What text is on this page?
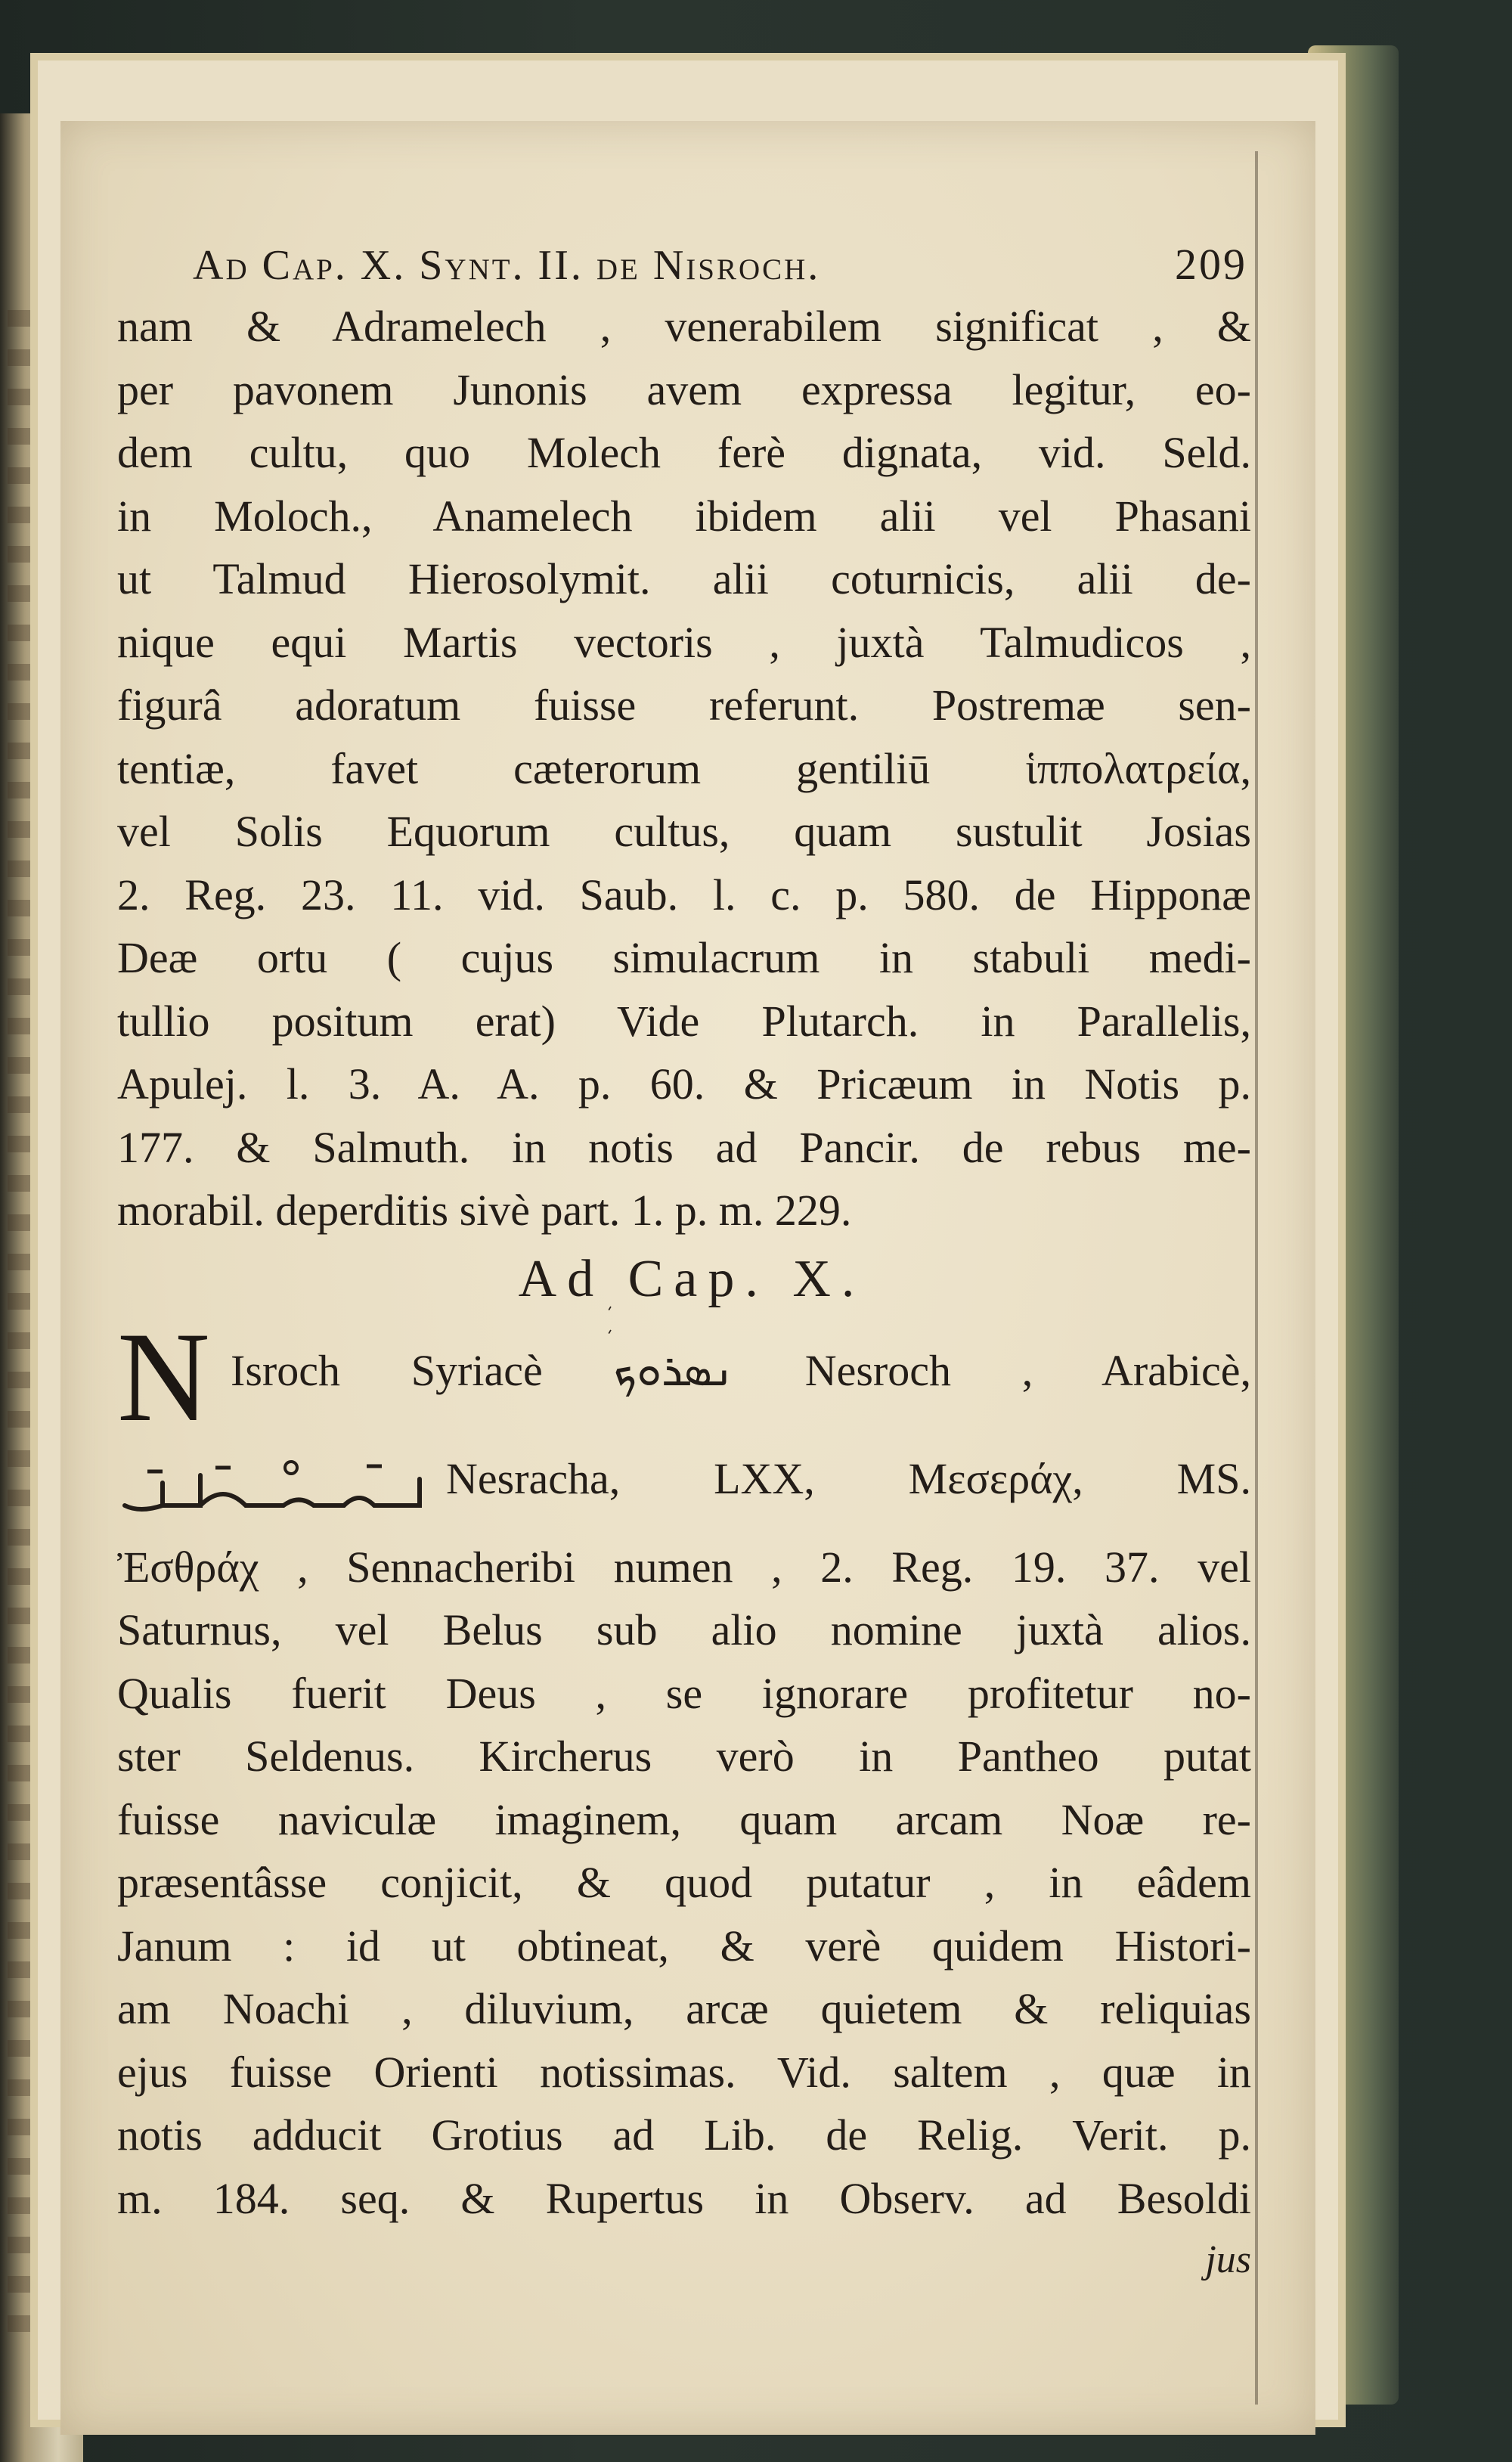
Ad Cap. X. Synt. II. de Nisroch.	209
nam & Adramelech , venerabilem significat , &
per pavonem Junonis avem expressa legitur, eo-
dem cultu, quo Molech ferè dignata, vid. Seld.
in Moloch., Anamelech ibidem alii vel Phasani
ut Talmud Hierosolymit. alii coturnicis, alii de-
nique equi Martis vectoris , juxtà Talmudicos ,
figurâ adoratum fuisse referunt. Postremæ sen-
tentiæ, favet cæterorum gentiliū ἱππολατρεία,
vel Solis Equorum cultus, quam sustulit Josias
2. Reg. 23. 11. vid. Saub. l. c. p. 580. de Hipponæ
Deæ ortu ( cujus simulacrum in stabuli medi-
tullio positum erat) Vide Plutarch. in Parallelis,
Apulej. l. 3. A. A. p. 60. & Pricæum in Notis p.
177. & Salmuth. in notis ad Pancir. de rebus me-
morabil. deperditis sivè part. 1. p. m. 229.
Ad Cap. X.
N	ܿ ܼ
Isroch Syriacè ܢܣܪܘܟ Nesroch , Arabicè,
Nesracha, LXX, Μεσεράχ, MS.
Ἐσθράχ , Sennacheribi numen , 2. Reg. 19. 37. vel
Saturnus, vel Belus sub alio nomine juxtà alios.
Qualis fuerit Deus , se ignorare profitetur no-
ster Seldenus. Kircherus verò in Pantheo putat
fuisse naviculæ imaginem, quam arcam Noæ re-
præsentâsse conjicit, & quod putatur , in eâdem
Janum : id ut obtineat, & verè quidem Histori-
am Noachi , diluvium, arcæ quietem & reliquias
ejus fuisse Orienti notissimas. Vid. saltem , quæ in
notis adducit Grotius ad Lib. de Relig. Verit. p.
m. 184. seq. & Rupertus in Observ. ad Besoldi
jus
